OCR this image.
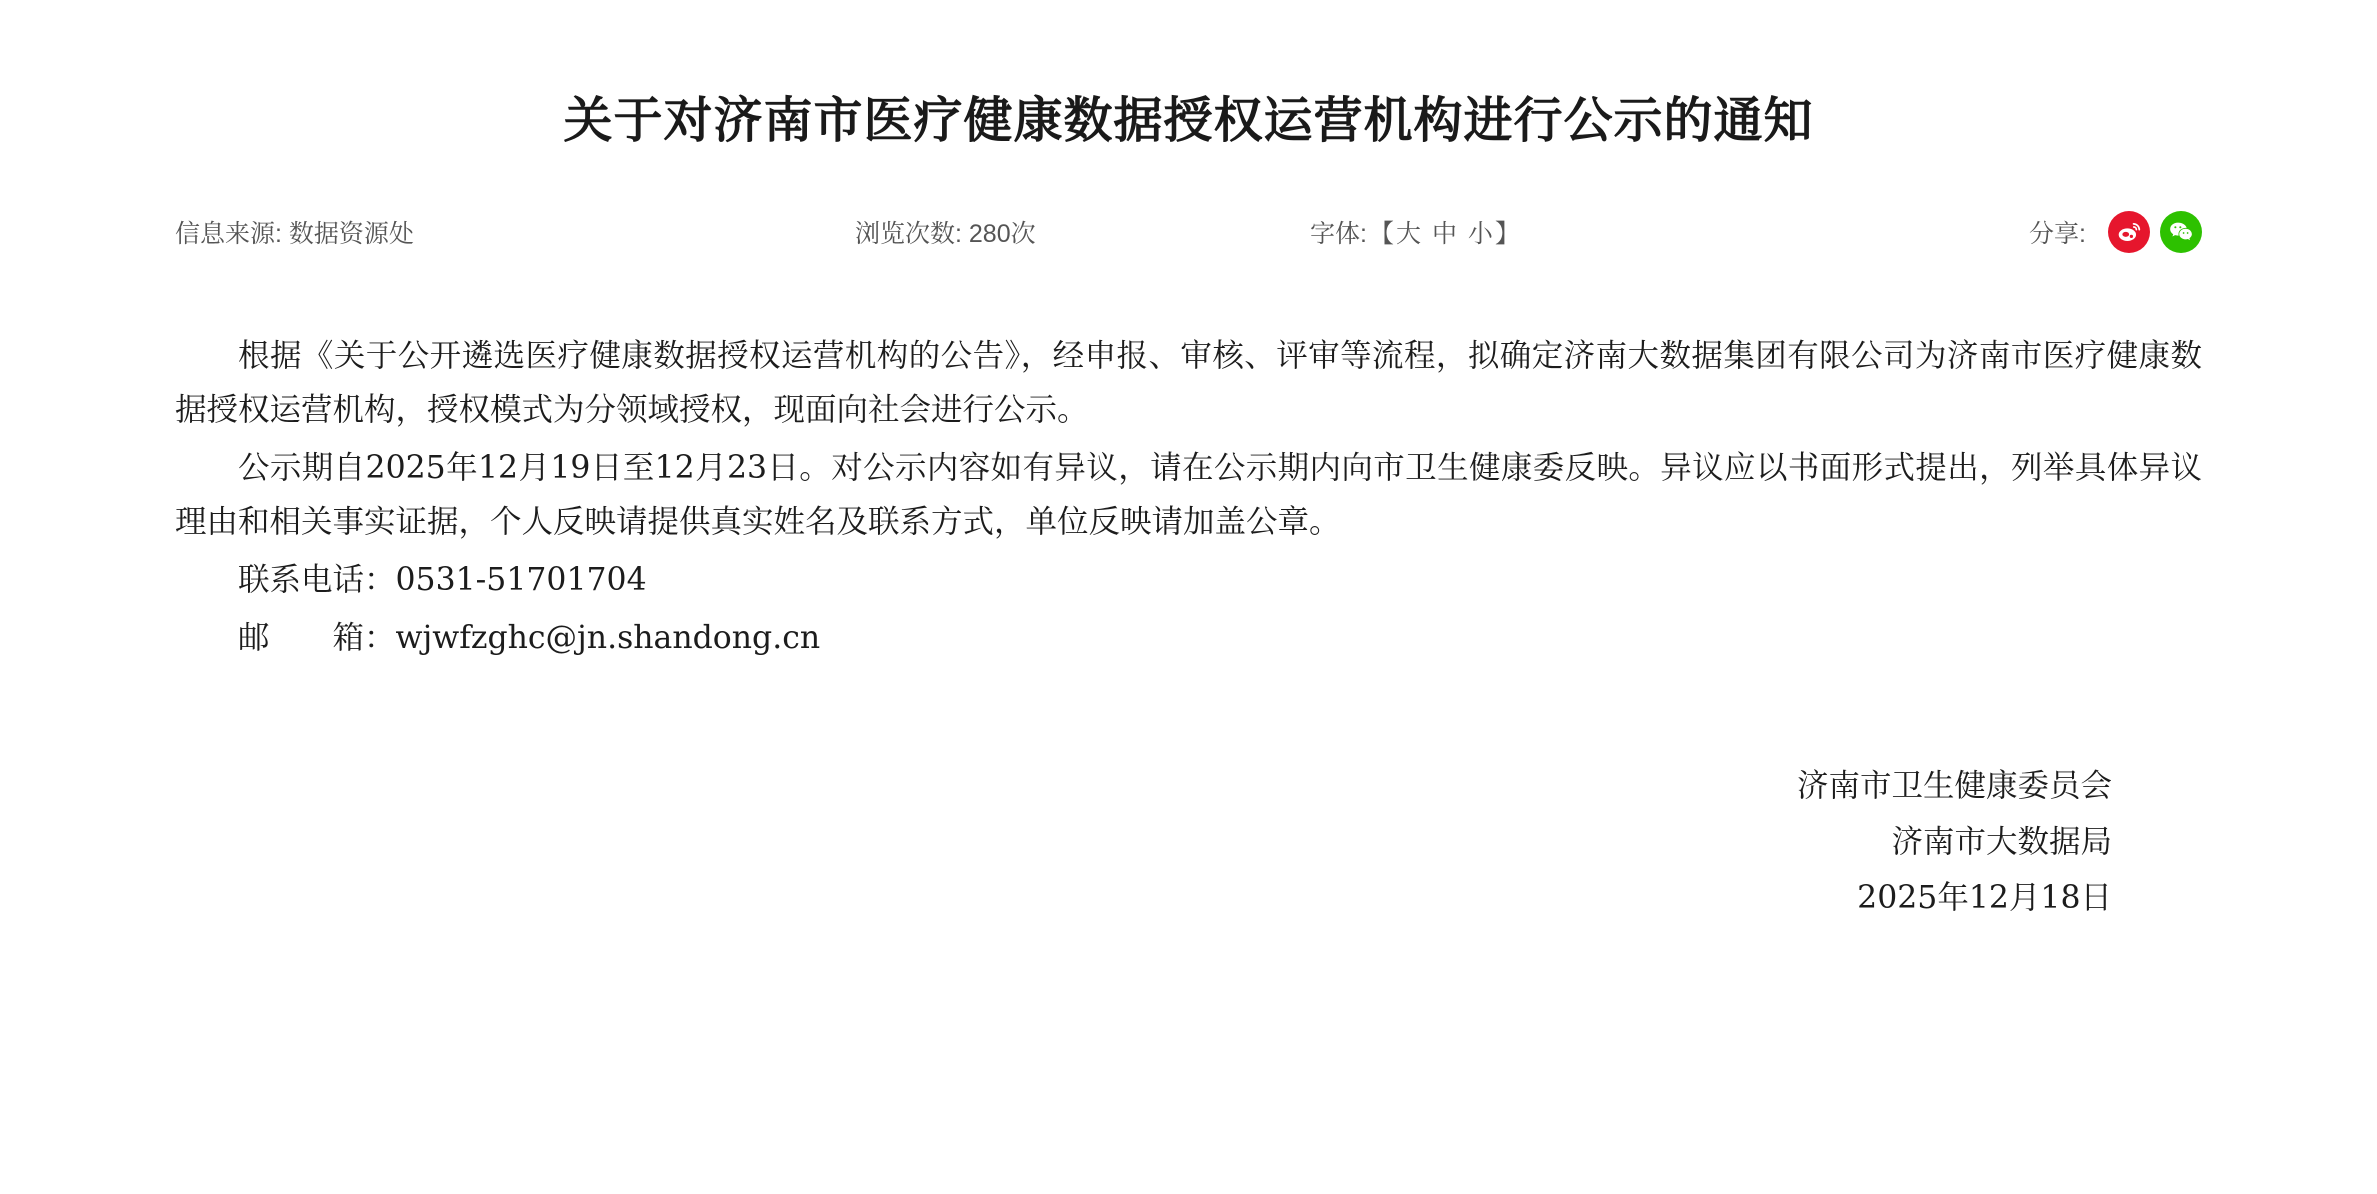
关于对济南市医疗健康数据授权运营机构进行公示的通知
信息来源: 数据资源处	浏览次数: 280次	字体: 【大 中 小】	分享:

根据《关于公开遴选医疗健康数据授权运营机构的公告》，经申报、审核、评审等流程，拟确定济南大数据集团有限公司为济南市医疗健康数据授权运营机构，授权模式为分领域授权，现面向社会进行公示。

公示期自2025年12月19日至12月23日。对公示内容如有异议，请在公示期内向市卫生健康委反映。异议应以书面形式提出，列举具体异议理由和相关事实证据，个人反映请提供真实姓名及联系方式，单位反映请加盖公章。

联系电话：0531-51701704

邮　　箱：wjwfzghc@jn.shandong.cn

济南市卫生健康委员会
济南市大数据局
2025年12月18日
